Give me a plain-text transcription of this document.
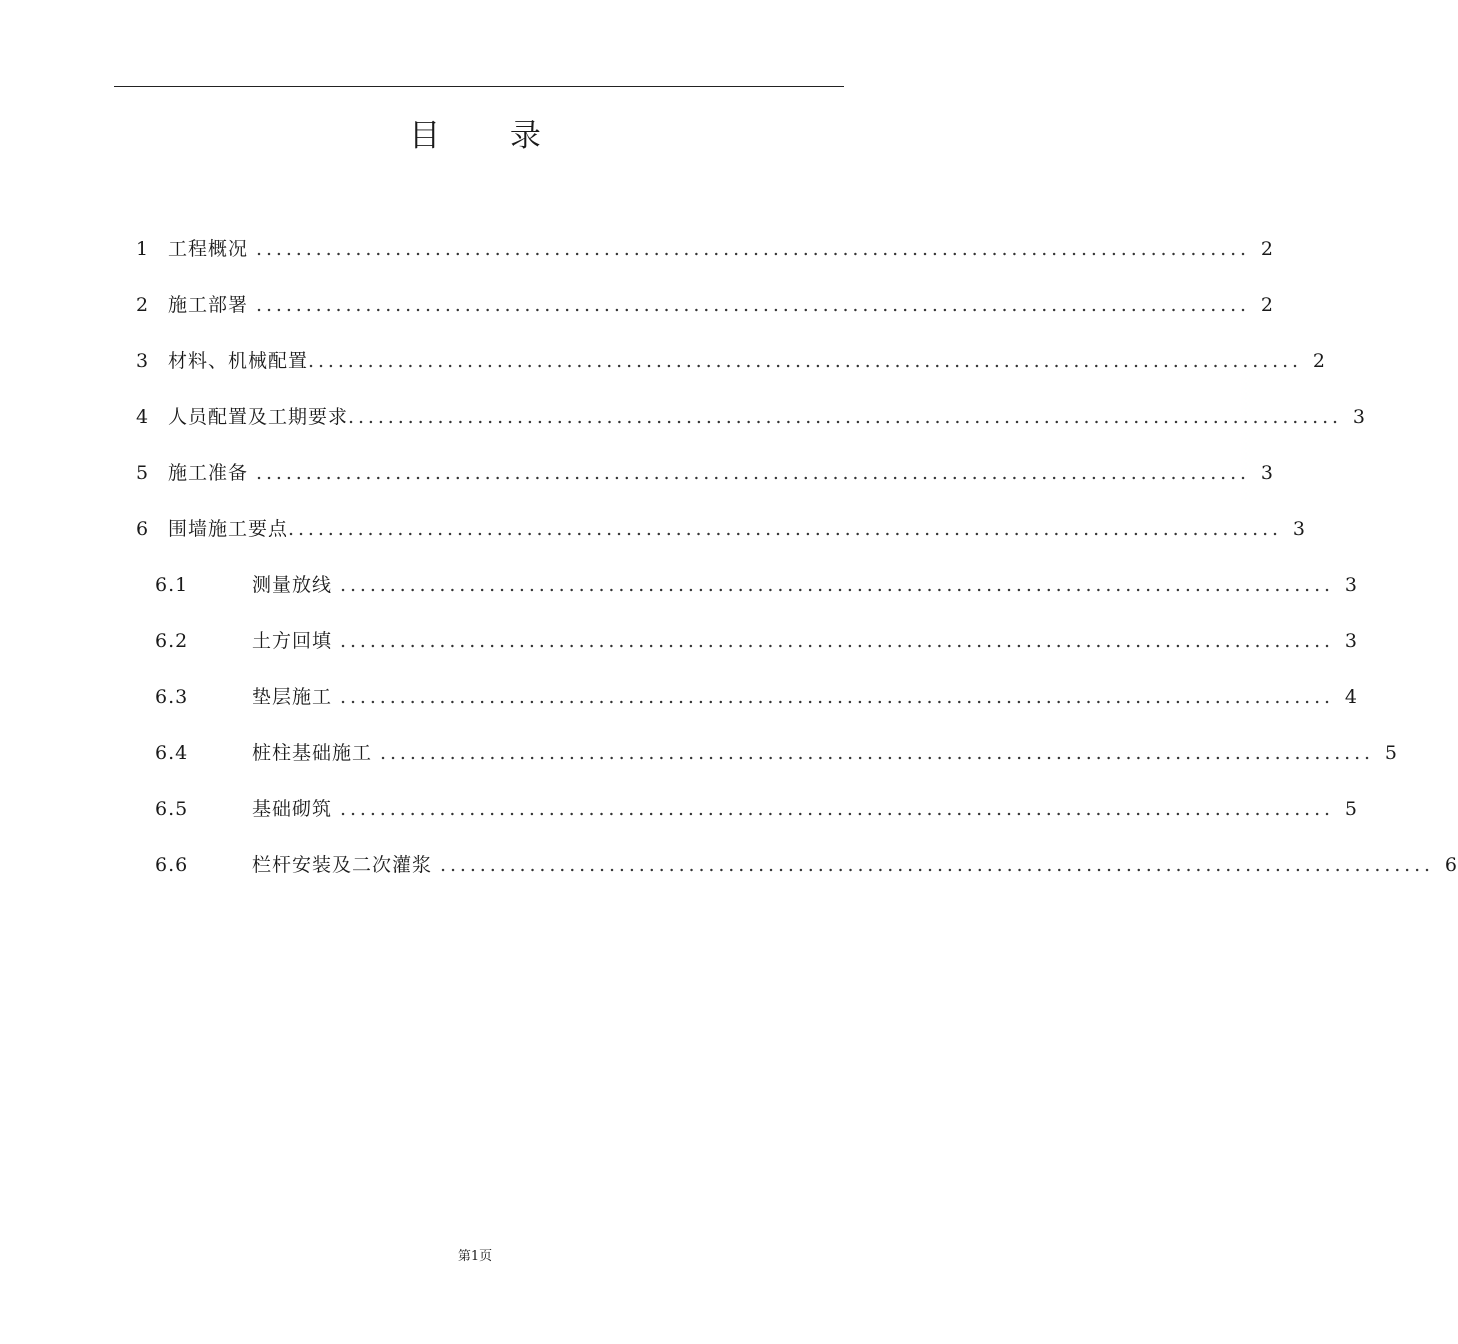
目 录
1 工程概况 .................................................................................................... 2
2 施工部署 .................................................................................................... 2
3 材料、机械配置 .................................................................................................... 2
4 人员配置及工期要求 .................................................................................................... 3
5 施工准备 .................................................................................................... 3
6 围墙施工要点 .................................................................................................... 3
6.1	测量放线 .................................................................................................... 3
6.2	土方回填 .................................................................................................... 3
6.3	垫层施工 .................................................................................................... 4
6.4	桩柱基础施工 .................................................................................................... 5
6.5	基础砌筑 .................................................................................................... 5
6.6	栏杆安装及二次灌浆 .................................................................................................... 6
第1页
